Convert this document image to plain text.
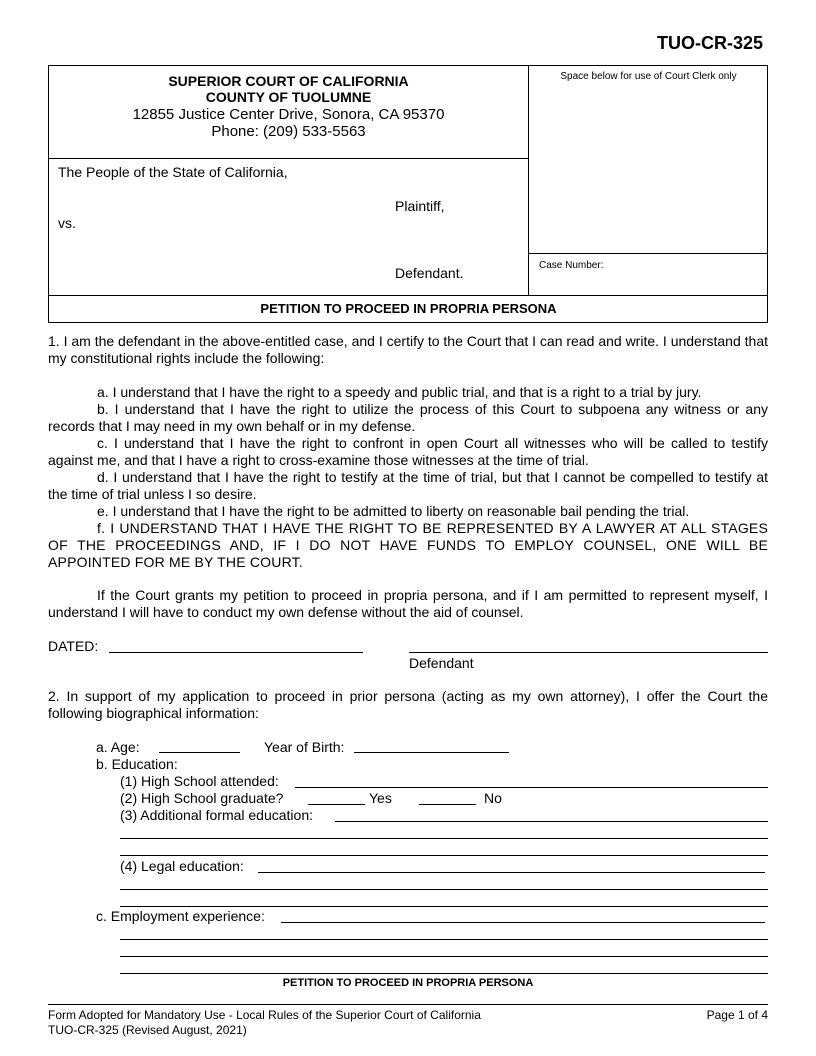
TUO-CR-325
SUPERIOR COURT OF CALIFORNIA
COUNTY OF TUOLUMNE
12855 Justice Center Drive, Sonora, CA 95370
Phone: (209) 533-5563
Space below for use of Court Clerk only
Case Number:
The People of the State of California,
Plaintiff,
vs.
Defendant.
PETITION TO PROCEED IN PROPRIA PERSONA
1. I am the defendant in the above-entitled case, and I certify to the Court that I can read and write. I understand that my constitutional rights include the following:
a. I understand that I have the right to a speedy and public trial, and that is a right to a trial by jury.
b. I understand that I have the right to utilize the process of this Court to subpoena any witness or any records that I may need in my own behalf or in my defense.
c. I understand that I have the right to confront in open Court all witnesses who will be called to testify against me, and that I have a right to cross-examine those witnesses at the time of trial.
d. I understand that I have the right to testify at the time of trial, but that I cannot be compelled to testify at the time of trial unless I so desire.
e. I understand that I have the right to be admitted to liberty on reasonable bail pending the trial.
f. I UNDERSTAND THAT I HAVE THE RIGHT TO BE REPRESENTED BY A LAWYER AT ALL STAGES OF THE PROCEEDINGS AND, IF I DO NOT HAVE FUNDS TO EMPLOY COUNSEL, ONE WILL BE APPOINTED FOR ME BY THE COURT.
If the Court grants my petition to proceed in propria persona, and if I am permitted to represent myself, I understand I will have to conduct my own defense without the aid of counsel.
DATED:
Defendant
2. In support of my application to proceed in prior persona (acting as my own attorney), I offer the Court the following biographical information:
a. Age:	Year of Birth:
b. Education:
(1) High School attended:
(2) High School graduate?	Yes	No
(3) Additional formal education:
(4) Legal education:
c. Employment experience:
PETITION TO PROCEED IN PROPRIA PERSONA
Form Adopted for Mandatory Use - Local Rules of the Superior Court of California
TUO-CR-325 (Revised August, 2021)
Page 1 of 4
